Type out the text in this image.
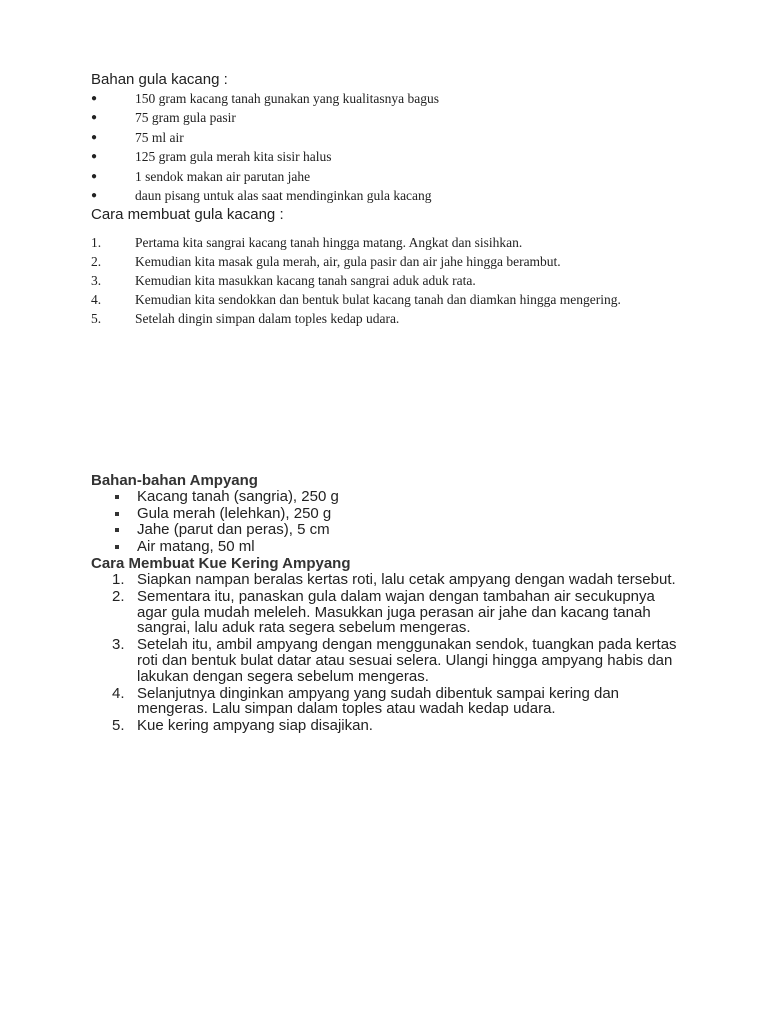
Bahan gula kacang :
●	150 gram kacang tanah gunakan yang kualitasnya bagus
●	75 gram gula pasir
●	75 ml air
●	125 gram gula merah kita sisir halus
●	1 sendok makan air parutan jahe
●	daun pisang untuk alas saat mendinginkan gula kacang
Cara membuat gula kacang :
1.	Pertama kita sangrai kacang tanah hingga matang. Angkat dan sisihkan.
2.	Kemudian kita masak gula merah, air, gula pasir dan air jahe hingga berambut.
3.	Kemudian kita masukkan kacang tanah sangrai aduk aduk rata.
4.	Kemudian kita sendokkan dan bentuk bulat kacang tanah dan diamkan hingga mengering.
5.	Setelah dingin simpan dalam toples kedap udara.
Bahan-bahan Ampyang
Kacang tanah (sangria), 250 g
Gula merah (lelehkan), 250 g
Jahe (parut dan peras), 5 cm
Air matang, 50 ml
Cara Membuat Kue Kering Ampyang
1. Siapkan nampan beralas kertas roti, lalu cetak ampyang dengan wadah tersebut.
2. Sementara itu, panaskan gula dalam wajan dengan tambahan air secukupnya agar gula mudah meleleh. Masukkan juga perasan air jahe dan kacang tanah sangrai, lalu aduk rata segera sebelum mengeras.
3. Setelah itu, ambil ampyang dengan menggunakan sendok, tuangkan pada kertas roti dan bentuk bulat datar atau sesuai selera. Ulangi hingga ampyang habis dan lakukan dengan segera sebelum mengeras.
4. Selanjutnya dinginkan ampyang yang sudah dibentuk sampai kering dan mengeras. Lalu simpan dalam toples atau wadah kedap udara.
5. Kue kering ampyang siap disajikan.
